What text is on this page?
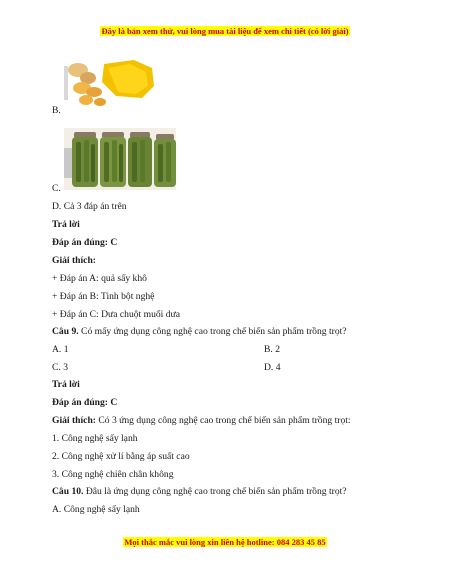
Đây là bản xem thử, vui lòng mua tài liệu để xem chi tiết (có lời giải)
B.
C.
D. Cả 3 đáp án trên
Trả lời
Đáp án đúng: C
Giải thích:
+ Đáp án A: quả sấy khô
+ Đáp án B: Tinh bột nghệ
+ Đáp án C: Dưa chuột muối dưa
Câu 9. Có mấy ứng dụng công nghệ cao trong chế biến sản phẩm trồng trọt?
A. 1	B. 2
C. 3	D. 4
Trả lời
Đáp án đúng: C
Giải thích: Có 3 ứng dụng công nghệ cao trong chế biến sản phẩm trồng trọt:
1. Công nghệ sấy lạnh
2. Công nghệ xử lí bằng áp suất cao
3. Công nghệ chiên chân không
Câu 10. Đâu là ứng dụng công nghệ cao trong chế biến sản phẩm trồng trọt?
A. Công nghệ sấy lạnh
Mọi thắc mắc vui lòng xin liên hệ hotline: 084 283 45 85
